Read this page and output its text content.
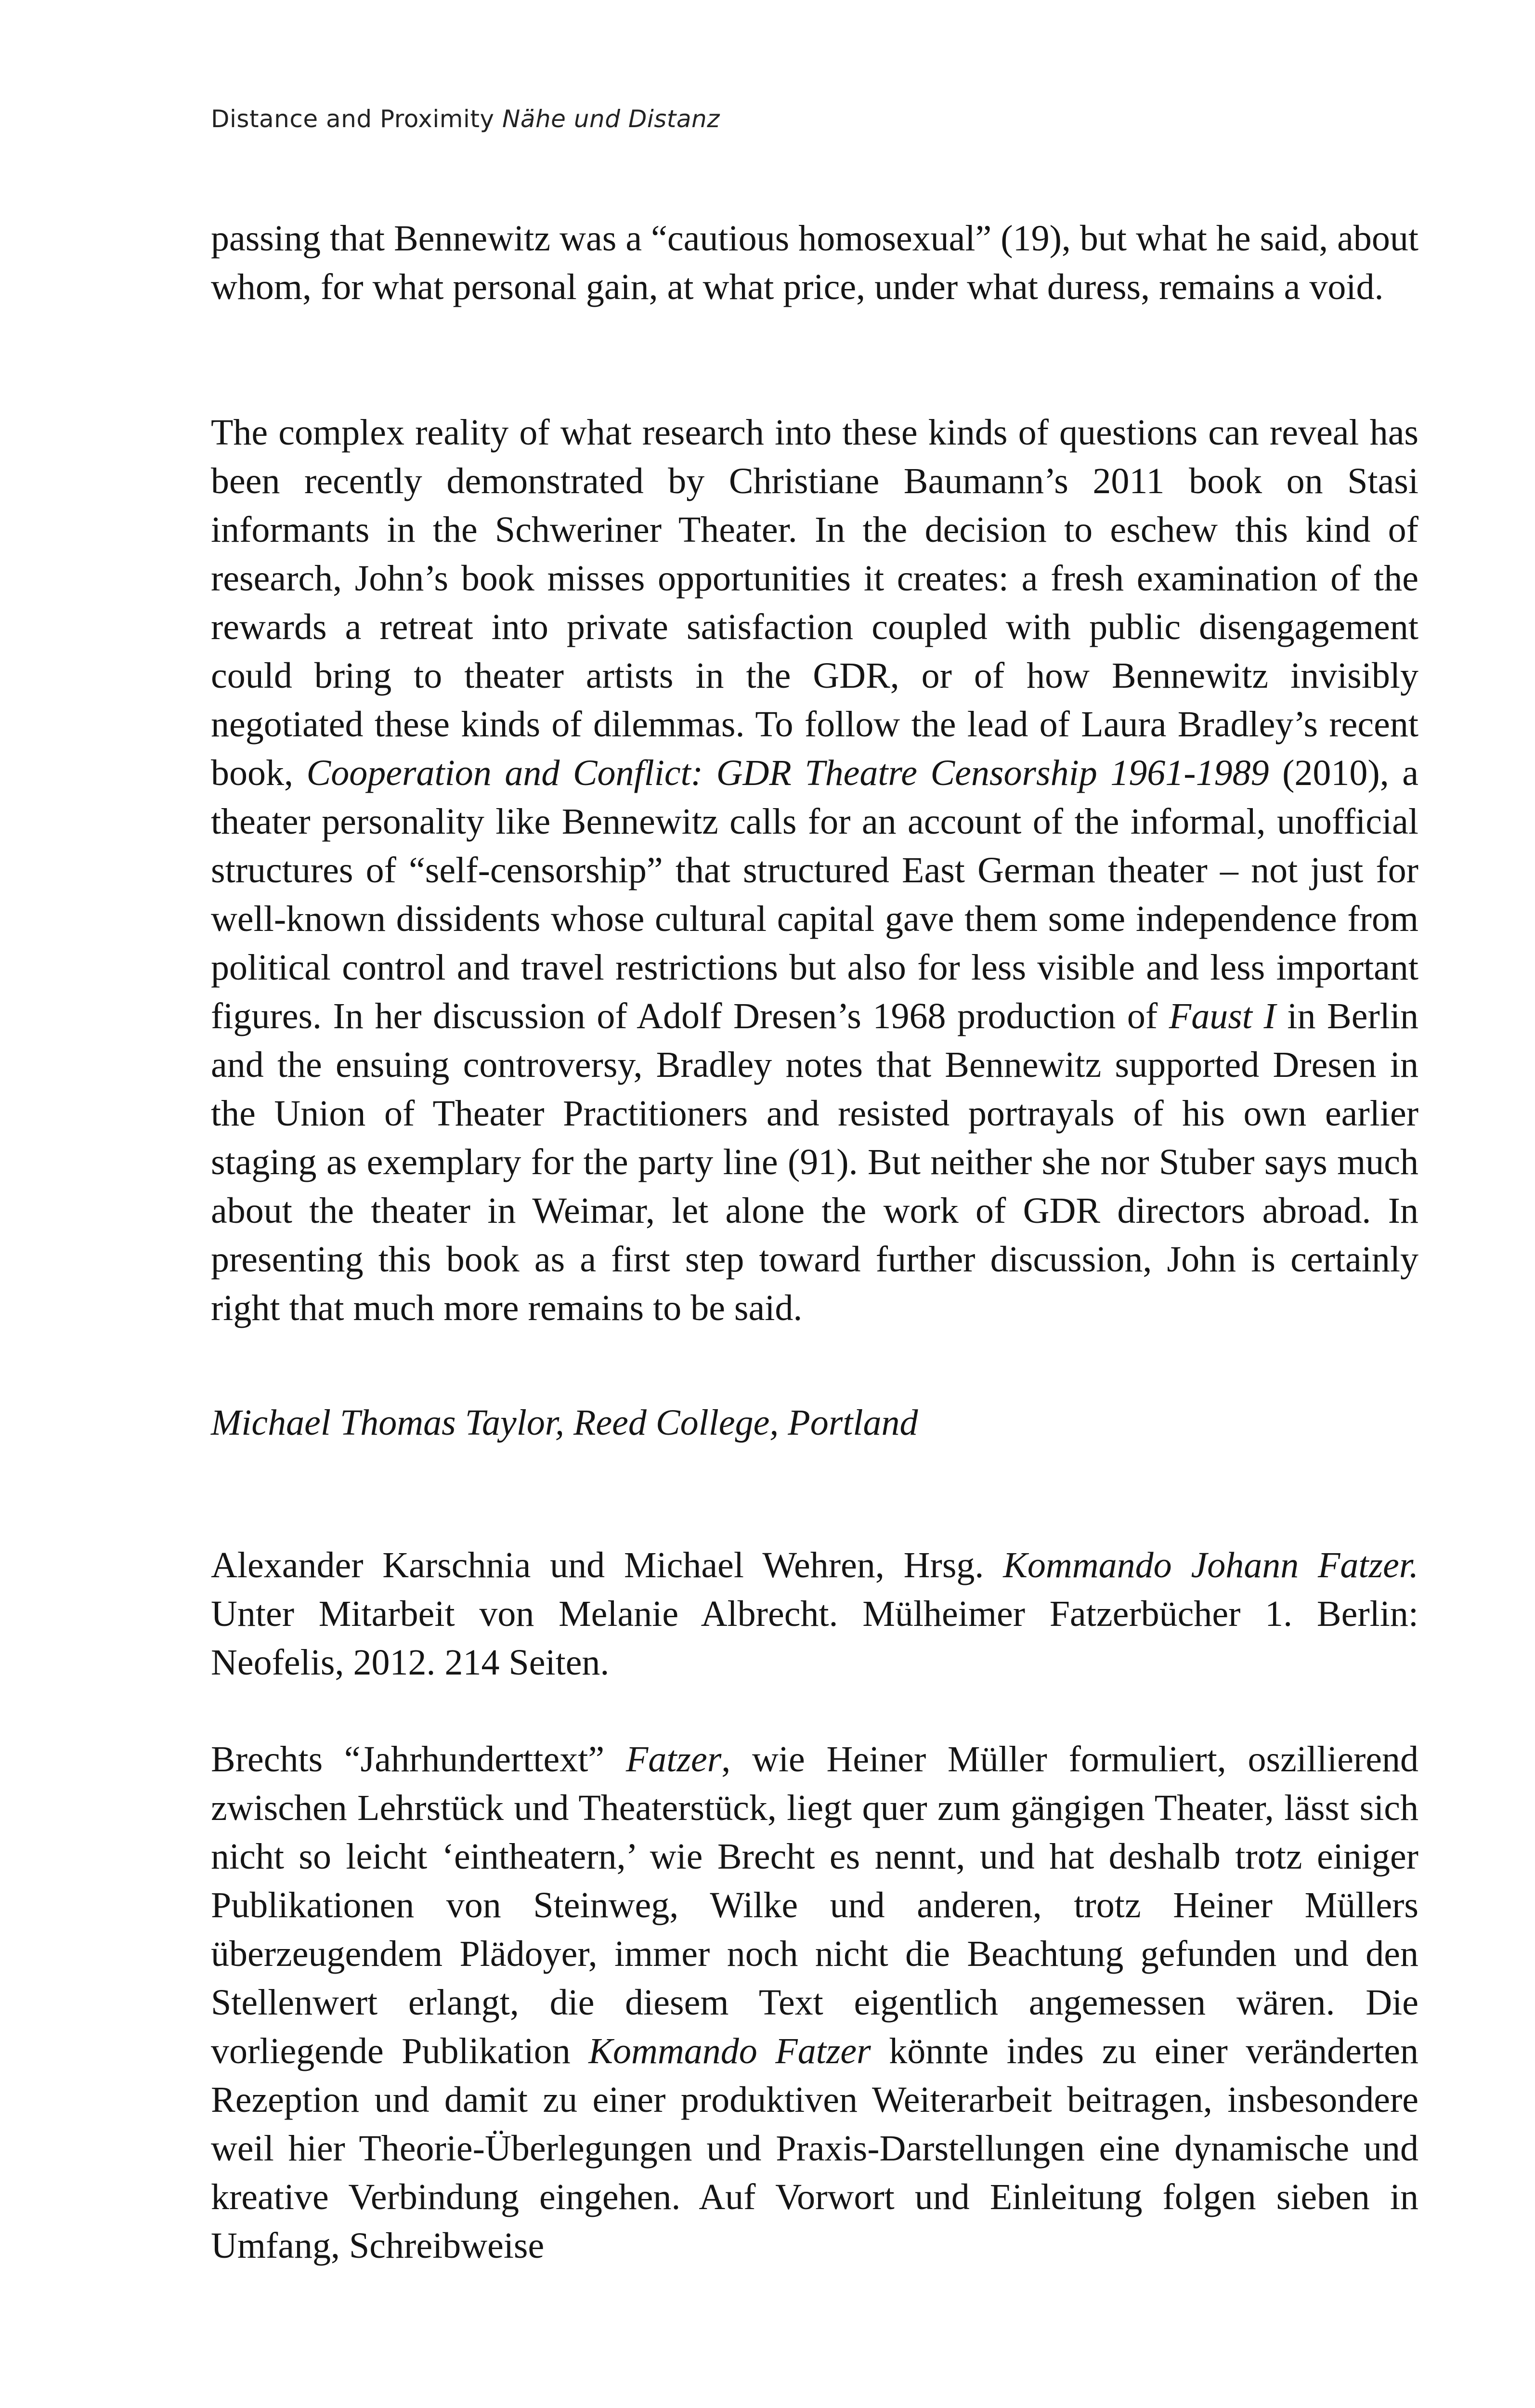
Distance and Proximity Nähe und Distanz

passing that Bennewitz was a “cautious homosexual” (19), but what he said, about whom, for what personal gain, at what price, under what duress, remains a void.

The complex reality of what research into these kinds of questions can reveal has been recently demonstrated by Christiane Baumann’s 2011 book on Stasi informants in the Schweriner Theater. In the decision to eschew this kind of research, John’s book misses opportunities it creates: a fresh examination of the rewards a retreat into private satisfaction coupled with public disengagement could bring to theater artists in the GDR, or of how Bennewitz invisibly negotiated these kinds of dilemmas. To follow the lead of Laura Bradley’s recent book, Cooperation and Conflict: GDR Theatre Censorship 1961-1989 (2010), a theater personality like Bennewitz calls for an account of the informal, unofficial structures of “self-censorship” that structured East German theater – not just for well-known dissidents whose cultural capital gave them some independence from political control and travel restrictions but also for less visible and less important figures. In her discussion of Adolf Dresen’s 1968 production of Faust I in Berlin and the ensuing controversy, Bradley notes that Bennewitz supported Dresen in the Union of Theater Practitioners and resisted portrayals of his own earlier staging as exemplary for the party line (91). But neither she nor Stuber says much about the theater in Weimar, let alone the work of GDR directors abroad. In presenting this book as a first step toward further discussion, John is certainly right that much more remains to be said.

Michael Thomas Taylor, Reed College, Portland

Alexander Karschnia und Michael Wehren, Hrsg. Kommando Johann Fatzer. Unter Mitarbeit von Melanie Albrecht. Mülheimer Fatzerbücher 1. Berlin: Neofelis, 2012. 214 Seiten.

Brechts “Jahrhunderttext” Fatzer, wie Heiner Müller formuliert, oszillierend zwischen Lehrstück und Theaterstück, liegt quer zum gängigen Theater, lässt sich nicht so leicht ‘eintheatern,’ wie Brecht es nennt, und hat deshalb trotz einiger Publikationen von Steinweg, Wilke und anderen, trotz Heiner Müllers überzeugendem Plädoyer, immer noch nicht die Beachtung gefunden und den Stellenwert erlangt, die diesem Text eigentlich angemessen wären. Die vorliegende Publikation Kommando Fatzer könnte indes zu einer veränderten Rezeption und damit zu einer produktiven Weiterarbeit beitragen, insbesondere weil hier Theorie-Überlegungen und Praxis-Darstellungen eine dynamische und kreative Verbindung eingehen. Auf Vorwort und Einleitung folgen sieben in Umfang, Schreibweise
